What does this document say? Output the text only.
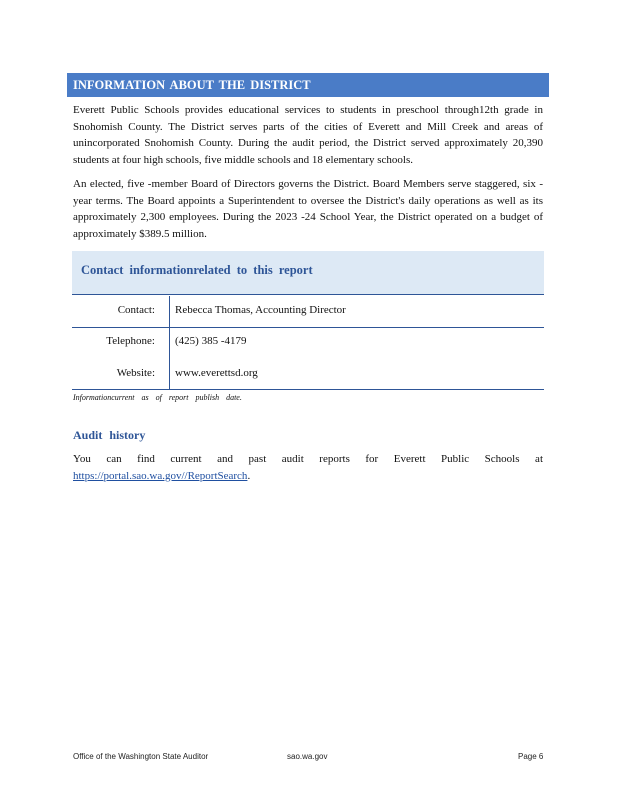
INFORMATION ABOUT THE DISTRICT

Everett Public Schools provides educational services to students in preschool through12th grade in Snohomish County. The District serves parts of the cities of Everett and Mill Creek and areas of unincorporated Snohomish County. During the audit period, the District served approximately 20,390 students at four high schools, five middle schools and 18 elementary schools.

An elected, five -member Board of Directors governs the District. Board Members serve staggered, six -year terms. The Board appoints a Superintendent to oversee the District's daily operations as well as its approximately 2,300 employees. During the 2023 -24 School Year, the District operated on a budget of approximately $389.5 million.

Contact informationrelated to this report
Contact:	Rebecca Thomas, Accounting Director
Telephone:	(425) 385 -4179
Website:	www.everettsd.org
Informationcurrent as of report publish date.
Audit history

You can find current and past audit reports for Everett Public Schools at https://portal.sao.wa.gov//ReportSearch.

Office of the Washington State Auditor	sao.wa.gov	Page 6
